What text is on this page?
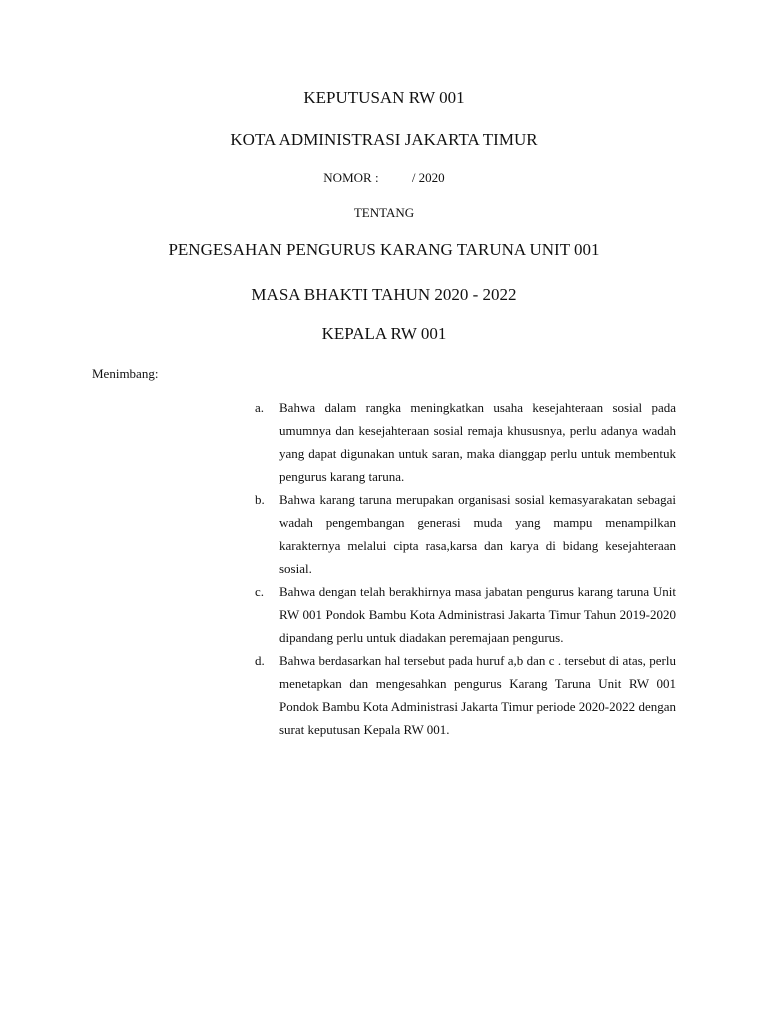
KEPUTUSAN RW 001
KOTA ADMINISTRASI JAKARTA TIMUR
NOMOR :	/ 2020
TENTANG
PENGESAHAN PENGURUS KARANG TARUNA UNIT 001
MASA BHAKTI TAHUN 2020 - 2022
KEPALA RW 001
Menimbang:
a. Bahwa dalam rangka meningkatkan usaha kesejahteraan sosial pada umumnya dan kesejahteraan sosial remaja khususnya, perlu adanya wadah yang dapat digunakan untuk saran, maka dianggap perlu untuk membentuk pengurus karang taruna.
b. Bahwa karang taruna merupakan organisasi sosial kemasyarakatan sebagai wadah pengembangan generasi muda yang mampu menampilkan karakternya melalui cipta rasa,karsa dan karya di bidang kesejahteraan sosial.
c. Bahwa dengan telah berakhirnya masa jabatan pengurus karang taruna Unit RW 001 Pondok Bambu Kota Administrasi Jakarta Timur Tahun 2019-2020 dipandang perlu untuk diadakan peremajaan pengurus.
d. Bahwa berdasarkan hal tersebut pada huruf a,b dan c . tersebut di atas, perlu menetapkan dan mengesahkan pengurus Karang Taruna Unit RW 001 Pondok Bambu Kota Administrasi Jakarta Timur periode 2020-2022 dengan surat keputusan Kepala RW 001.
